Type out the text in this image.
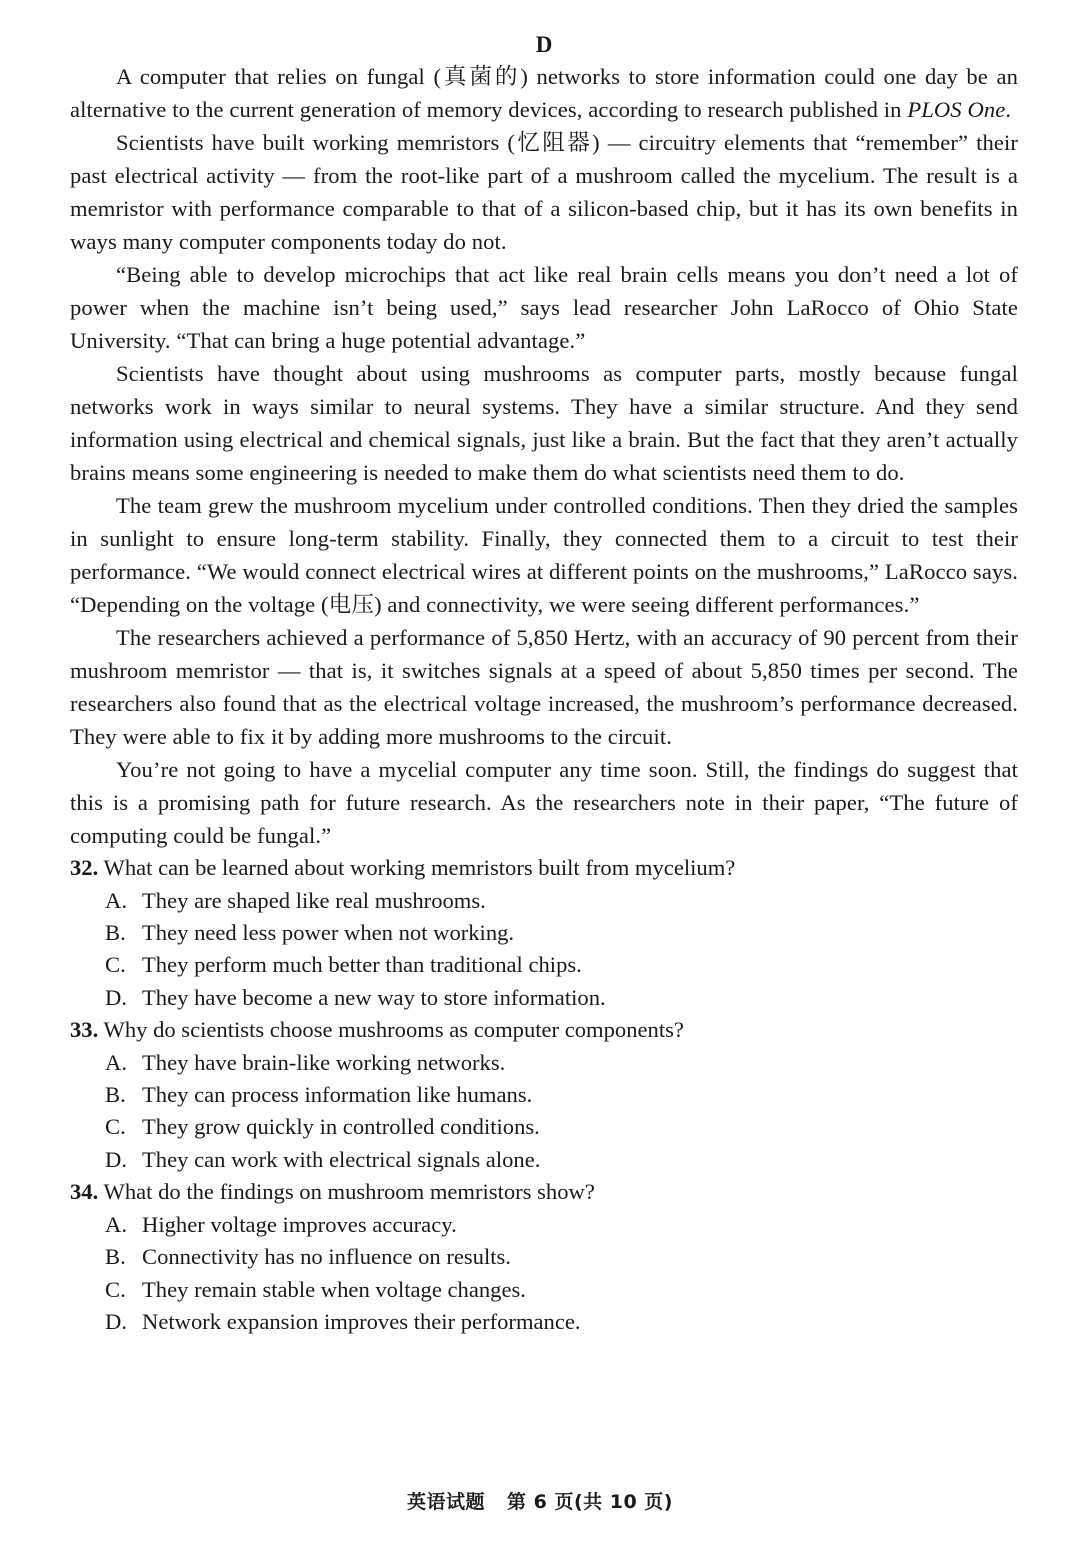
D

A computer that relies on fungal (真菌的) networks to store information could one day be an alternative to the current generation of memory devices, according to research published in PLOS One.

Scientists have built working memristors (忆阻器) — circuitry elements that “remember” their past electrical activity — from the root-like part of a mushroom called the mycelium. The result is a memristor with performance comparable to that of a silicon-based chip, but it has its own benefits in ways many computer components today do not.

“Being able to develop microchips that act like real brain cells means you don’t need a lot of power when the machine isn’t being used,” says lead researcher John LaRocco of Ohio State University. “That can bring a huge potential advantage.”

Scientists have thought about using mushrooms as computer parts, mostly because fungal networks work in ways similar to neural systems. They have a similar structure. And they send information using electrical and chemical signals, just like a brain. But the fact that they aren’t actually brains means some engineering is needed to make them do what scientists need them to do.

The team grew the mushroom mycelium under controlled conditions. Then they dried the samples in sunlight to ensure long-term stability. Finally, they connected them to a circuit to test their performance. “We would connect electrical wires at different points on the mushrooms,” LaRocco says. “Depending on the voltage (电压) and connectivity, we were seeing different performances.”

The researchers achieved a performance of 5,850 Hertz, with an accuracy of 90 percent from their mushroom memristor — that is, it switches signals at a speed of about 5,850 times per second. The researchers also found that as the electrical voltage increased, the mushroom’s performance decreased. They were able to fix it by adding more mushrooms to the circuit.

You’re not going to have a mycelial computer any time soon. Still, the findings do suggest that this is a promising path for future research. As the researchers note in their paper, “The future of computing could be fungal.”

32. What can be learned about working memristors built from mycelium?

A. They are shaped like real mushrooms.
B. They need less power when not working.
C. They perform much better than traditional chips.
D. They have become a new way to store information.

33. Why do scientists choose mushrooms as computer components?

A. They have brain-like working networks.
B. They can process information like humans.
C. They grow quickly in controlled conditions.
D. They can work with electrical signals alone.

34. What do the findings on mushroom memristors show?

A. Higher voltage improves accuracy.
B. Connectivity has no influence on results.
C. They remain stable when voltage changes.
D. Network expansion improves their performance.
英语试题 第 6 页(共 10 页)
